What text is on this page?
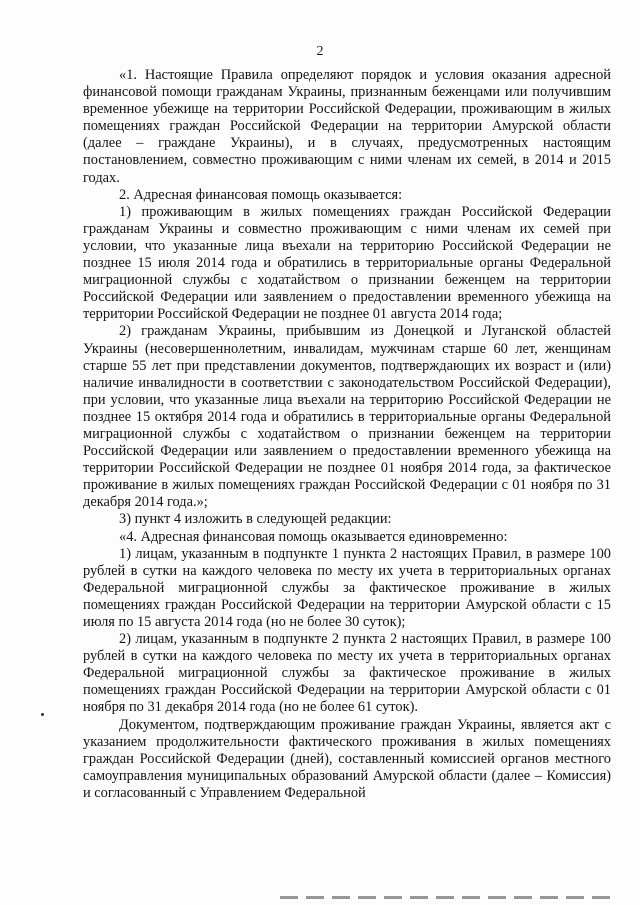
2

«1. Настоящие Правила определяют порядок и условия оказания адресной финансовой помощи гражданам Украины, признанным беженцами или получившим временное убежище на территории Российской Федерации, проживающим в жилых помещениях граждан Российской Федерации на территории Амурской области (далее – граждане Украины), и в случаях, предусмотренных настоящим постановлением, совместно проживающим с ними членам их семей, в 2014 и 2015 годах.

2. Адресная финансовая помощь оказывается:

1) проживающим в жилых помещениях граждан Российской Федерации гражданам Украины и совместно проживающим с ними членам их семей при условии, что указанные лица въехали на территорию Российской Федерации не позднее 15 июля 2014 года и обратились в территориальные органы Федеральной миграционной службы с ходатайством о признании беженцем на территории Российской Федерации или заявлением о предоставлении временного убежища на территории Российской Федерации не позднее 01 августа 2014 года;

2) гражданам Украины, прибывшим из Донецкой и Луганской областей Украины (несовершеннолетним, инвалидам, мужчинам старше 60 лет, женщинам старше 55 лет при представлении документов, подтверждающих их возраст и (или) наличие инвалидности в соответствии с законодательством Российской Федерации), при условии, что указанные лица въехали на территорию Российской Федерации не позднее 15 октября 2014 года и обратились в территориальные органы Федеральной миграционной службы с ходатайством о признании беженцем на территории Российской Федерации или заявлением о предоставлении временного убежища на территории Российской Федерации не позднее 01 ноября 2014 года, за фактическое проживание в жилых помещениях граждан Российской Федерации с 01 ноября по 31 декабря 2014 года.»;

3) пункт 4 изложить в следующей редакции:

«4. Адресная финансовая помощь оказывается единовременно:

1) лицам, указанным в подпункте 1 пункта 2 настоящих Правил, в размере 100 рублей в сутки на каждого человека по месту их учета в территориальных органах Федеральной миграционной службы за фактическое проживание в жилых помещениях граждан Российской Федерации на территории Амурской области с 15 июля по 15 августа 2014 года (но не более 30 суток);

2) лицам, указанным в подпункте 2 пункта 2 настоящих Правил, в размере 100 рублей в сутки на каждого человека по месту их учета в территориальных органах Федеральной миграционной службы за фактическое проживание в жилых помещениях граждан Российской Федерации на территории Амурской области с 01 ноября по 31 декабря 2014 года (но не более 61 суток).

Документом, подтверждающим проживание граждан Украины, является акт с указанием продолжительности фактического проживания в жилых помещениях граждан Российской Федерации (дней), составленный комиссией органов местного самоуправления муниципальных образований Амурской области (далее – Комиссия) и согласованный с Управлением Федеральной
